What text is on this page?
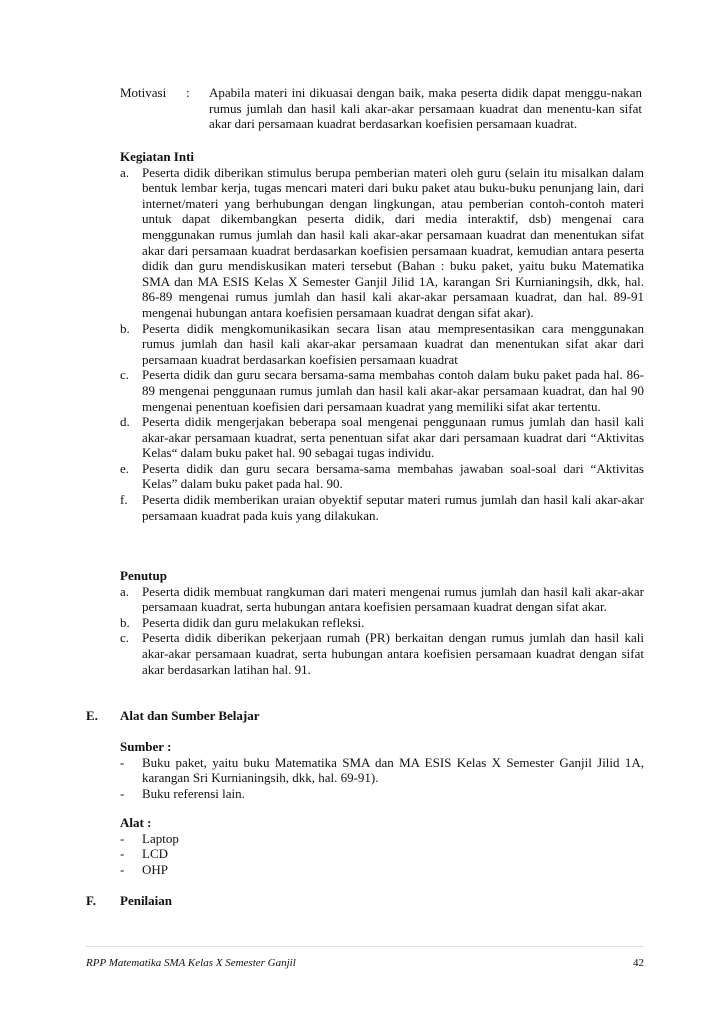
Motivasi	: Apabila materi ini dikuasai dengan baik, maka peserta didik dapat menggu-nakan rumus jumlah dan hasil kali akar-akar persamaan kuadrat dan menentu-kan sifat akar dari persamaan kuadrat berdasarkan koefisien persamaan kuadrat.
Kegiatan Inti
a. Peserta didik diberikan stimulus berupa pemberian materi oleh guru (selain itu misalkan dalam bentuk lembar kerja, tugas mencari materi dari buku paket atau buku-buku penunjang lain, dari internet/materi yang berhubungan dengan lingkungan, atau pemberian contoh-contoh materi untuk dapat dikembangkan peserta didik, dari media interaktif, dsb) mengenai cara menggunakan rumus jumlah dan hasil kali akar-akar persamaan kuadrat dan menentukan sifat akar dari persamaan kuadrat berdasarkan koefisien persamaan kuadrat, kemudian antara peserta didik dan guru mendiskusikan materi tersebut (Bahan : buku paket, yaitu buku Matematika SMA dan MA ESIS Kelas X Semester Ganjil Jilid 1A, karangan Sri Kurnianingsih, dkk, hal. 86-89 mengenai rumus jumlah dan hasil kali akar-akar persamaan kuadrat, dan hal. 89-91 mengenai hubungan antara koefisien persamaan kuadrat dengan sifat akar).
b. Peserta didik mengkomunikasikan secara lisan atau mempresentasikan cara menggunakan rumus jumlah dan hasil kali akar-akar persamaan kuadrat dan menentukan sifat akar dari persamaan kuadrat berdasarkan koefisien persamaan kuadrat
c. Peserta didik dan guru secara bersama-sama membahas contoh dalam buku paket pada hal. 86-89 mengenai penggunaan rumus jumlah dan hasil kali akar-akar persamaan kuadrat, dan hal 90 mengenai penentuan koefisien dari persamaan kuadrat yang memiliki sifat akar tertentu.
d. Peserta didik mengerjakan beberapa soal mengenai penggunaan rumus jumlah dan hasil kali akar-akar persamaan kuadrat, serta penentuan sifat akar dari persamaan kuadrat dari “Aktivitas Kelas“ dalam buku paket hal. 90 sebagai tugas individu.
e. Peserta didik dan guru secara bersama-sama membahas jawaban soal-soal dari “Aktivitas Kelas” dalam buku paket pada hal. 90.
f. Peserta didik memberikan uraian obyektif seputar materi rumus jumlah dan hasil kali akar-akar persamaan kuadrat pada kuis yang dilakukan.
Penutup
a. Peserta didik membuat rangkuman dari materi mengenai rumus jumlah dan hasil kali akar-akar persamaan kuadrat, serta hubungan antara koefisien persamaan kuadrat dengan sifat akar.
b. Peserta didik dan guru melakukan refleksi.
c. Peserta didik diberikan pekerjaan rumah (PR) berkaitan dengan rumus jumlah dan hasil kali akar-akar persamaan kuadrat, serta hubungan antara koefisien persamaan kuadrat dengan sifat akar berdasarkan latihan hal. 91.
E. Alat dan Sumber Belajar
Sumber :
- Buku paket, yaitu buku Matematika SMA dan MA ESIS Kelas X Semester Ganjil Jilid 1A, karangan Sri Kurnianingsih, dkk, hal. 69-91).
- Buku referensi lain.
Alat :
- Laptop
- LCD
- OHP
F. Penilaian
RPP Matematika SMA Kelas X Semester Ganjil	42
